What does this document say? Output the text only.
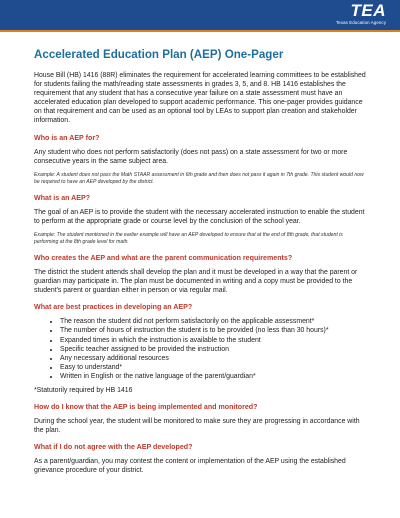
TEA
Texas Education Agency
Accelerated Education Plan (AEP) One-Pager

House Bill (HB) 1416 (88R) eliminates the requirement for accelerated learning committees to be established for students failing the math/reading state assessments in grades 3, 5, and 8. HB 1416 establishes the requirement that any student that has a consecutive year failure on a state assessment must have an accelerated education plan developed to support academic performance. This one-pager provides guidance on that requirement and can be used as an optional tool by LEAs to support plan creation and stakeholder information.

Who is an AEP for?

Any student who does not perform satisfactorily (does not pass) on a state assessment for two or more consecutive years in the same subject area.

Example: A student does not pass the Math STAAR assessment in 6th grade and then does not pass it again in 7th grade. This student would now be required to have an AEP developed by the district.
What is an AEP?

The goal of an AEP is to provide the student with the necessary accelerated instruction to enable the student to perform at the appropriate grade or course level by the conclusion of the school year.

Example: The student mentioned in the earlier example will have an AEP developed to ensure that at the end of 8th grade, that student is performing at the 8th grade level for math.
Who creates the AEP and what are the parent communication requirements?

The district the student attends shall develop the plan and it must be developed in a way that the parent or guardian may participate in. The plan must be documented in writing and a copy must be provided to the student's parent or guardian either in person or via regular mail.

What are best practices in developing an AEP?
• The reason the student did not perform satisfactorily on the applicable assessment*
• The number of hours of instruction the student is to be provided (no less than 30 hours)*
• Expanded times in which the instruction is available to the student
• Specific teacher assigned to be provided the instruction
• Any necessary additional resources
• Easy to understand*
• Written in English or the native language of the parent/guardian*
*Statutorily required by HB 1416
How do I know that the AEP is being implemented and monitored?

During the school year, the student will be monitored to make sure they are progressing in accordance with the plan.

What if I do not agree with the AEP developed?

As a parent/guardian, you may contest the content or implementation of the AEP using the established grievance procedure of your district.
